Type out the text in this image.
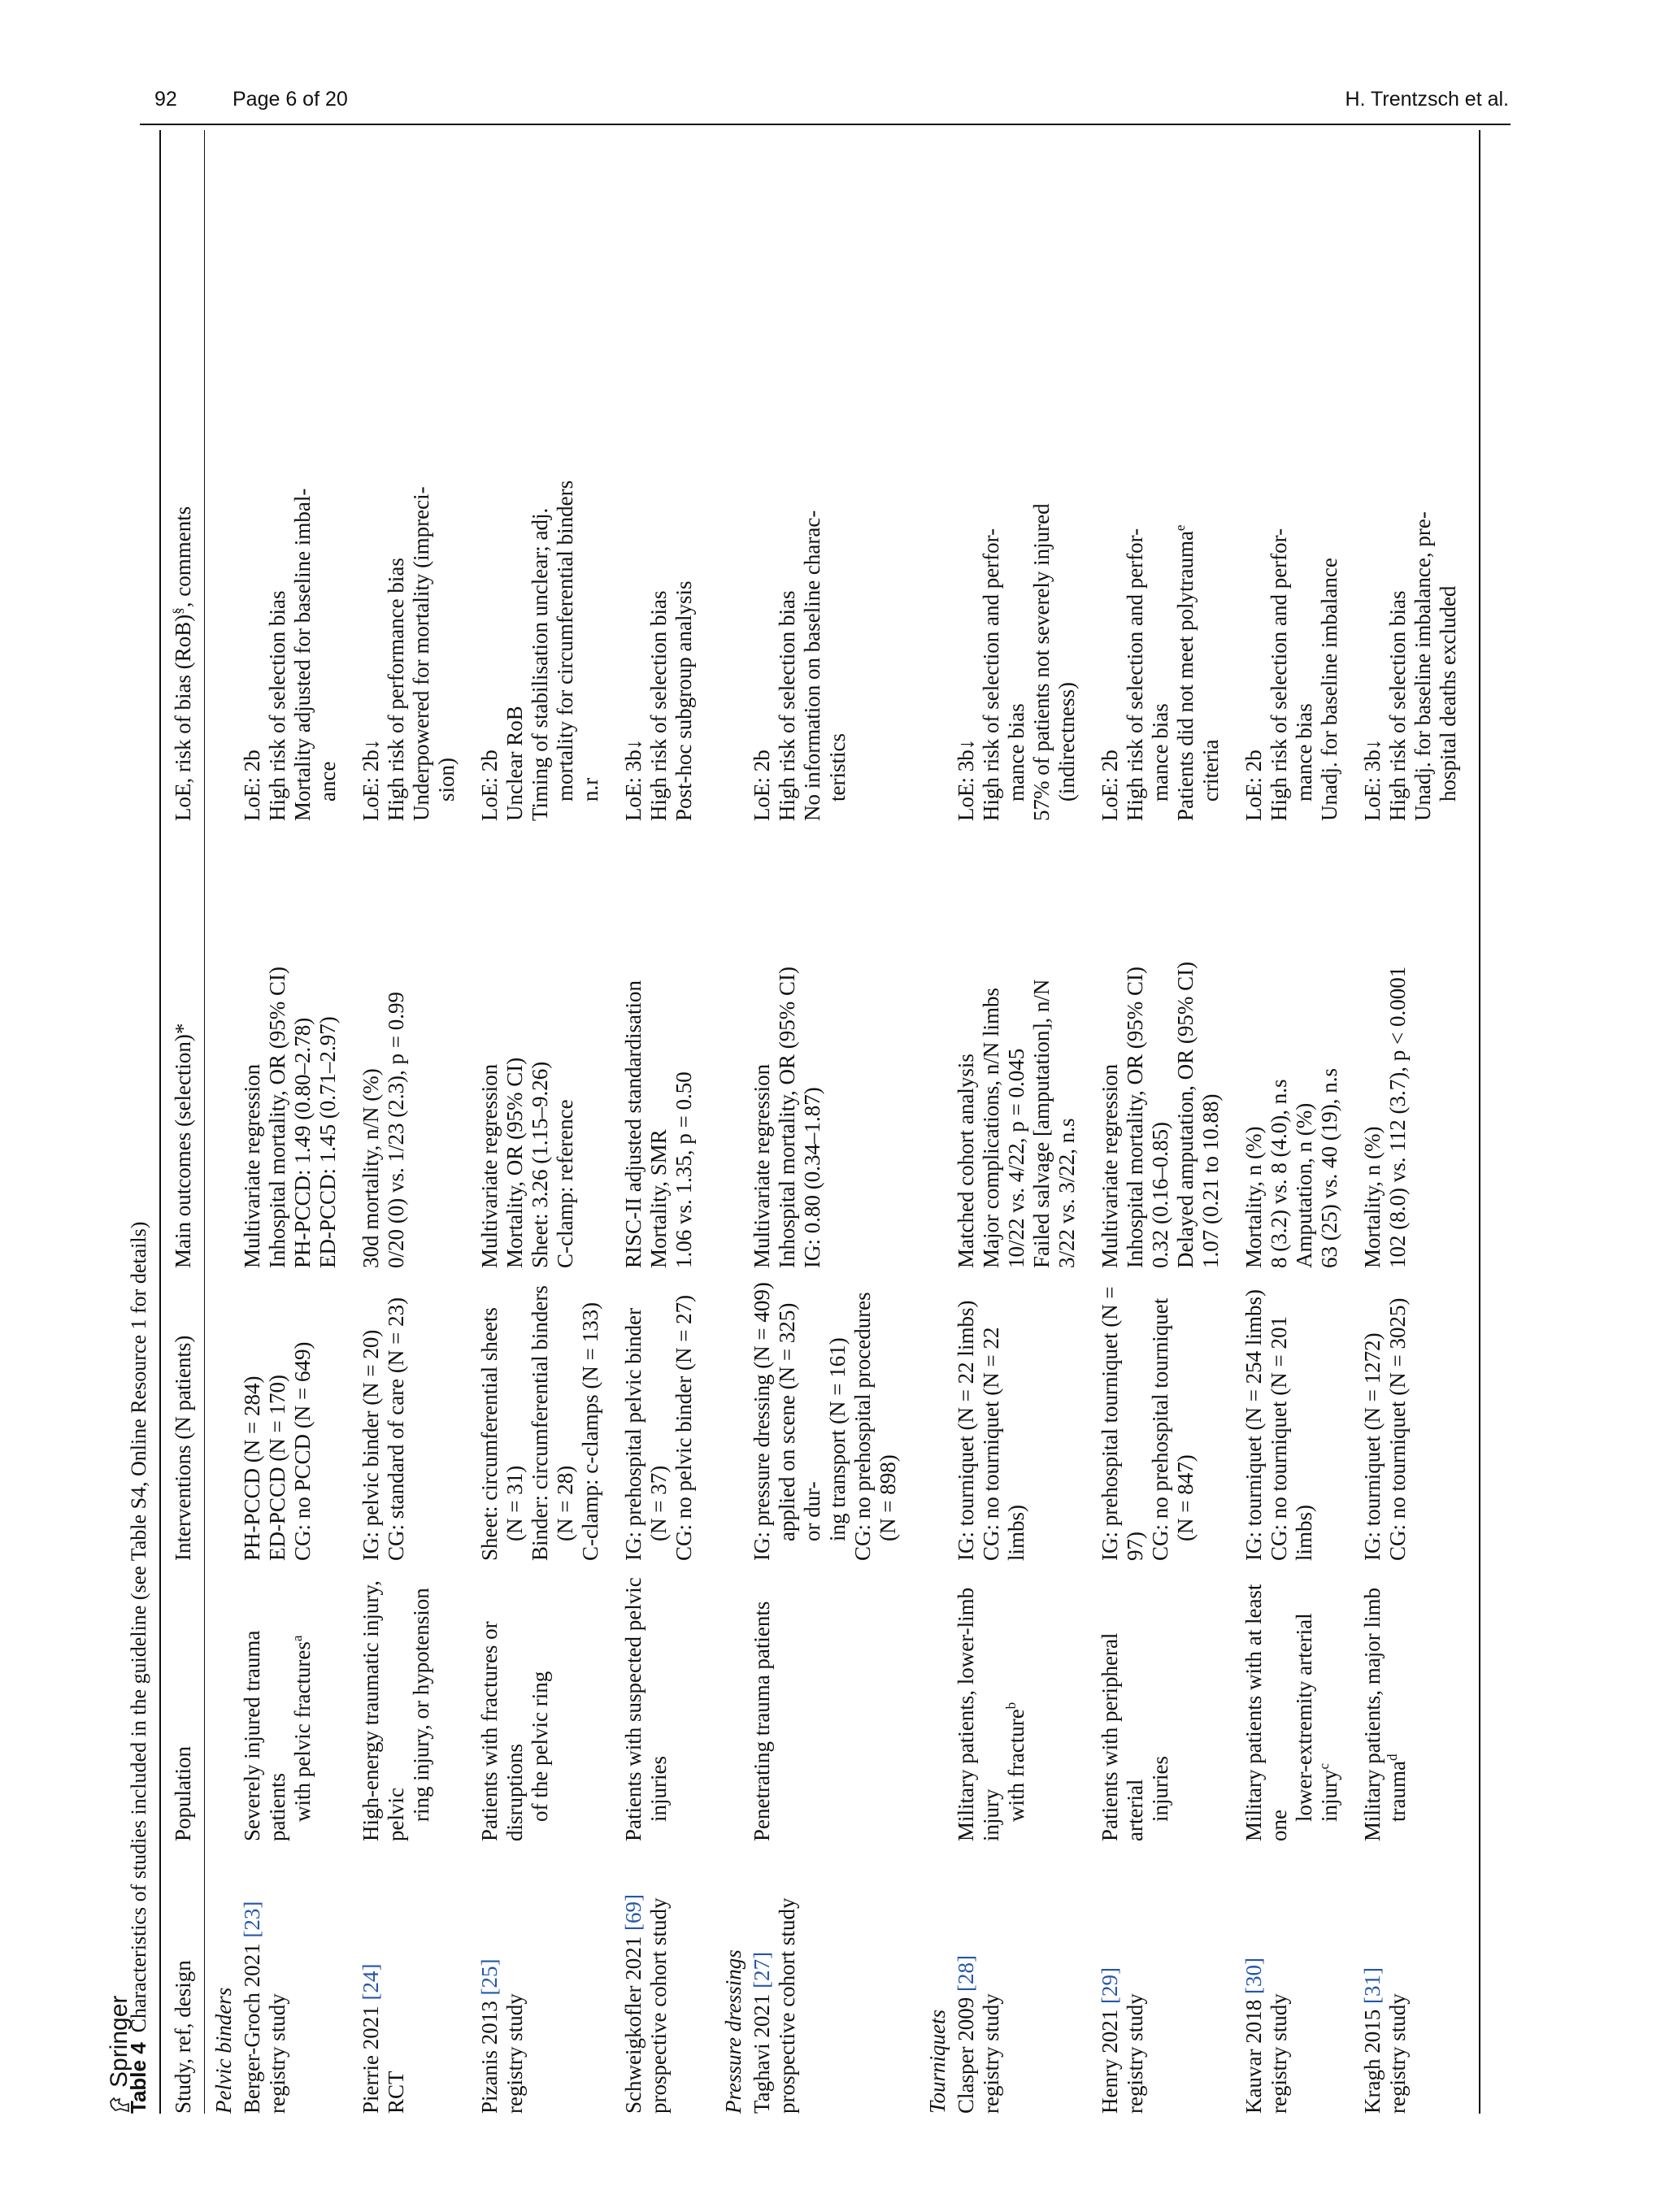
92	Page 6 of 20	H. Trentzsch et al.
Springer
Table 4Characteristics of studies included in the guideline (see Table S4, Online Resource 1 for details)
Study, ref, design	Population	Interventions (N patients)	Main outcomes (selection)*	LoE, risk of bias (RoB)§, comments

Pelvic binders				

Berger-Groch 2021 [23]
registry study	Severely injured trauma patients with pelvic fractures$^a$	PH-PCCD (N = 284) ED-PCCD (N = 170) CG: no PCCD (N = 649)	Multivariate regression Inhospital mortality, OR (95% CI) PH-PCCD: 1.49 (0.80–2.78) ED-PCCD: 1.45 (0.71–2.97)	LoE: 2b High risk of selection bias Mortality adjusted for baseline imbal- ance

Pierrie 2021 [24]
RCT	High-energy traumatic injury, pelvic ring injury, or hypotension	IG: pelvic binder (N = 20) CG: standard of care (N = 23)	30d mortality, n/N (%) 0/20 (0) vs. 1/23 (2.3), p = 0.99	LoE: 2b↓ High risk of performance bias Underpowered for mortality (impreci- sion)

Pizanis 2013 [25]
registry study	Patients with fractures or disruptions of the pelvic ring	Sheet: circumferential sheets (N = 31) Binder: circumferential binders (N = 28) C-clamp: c-clamps (N = 133)	Multivariate regression Mortality, OR (95% CI) Sheet: 3.26 (1.15–9.26) C-clamp: reference	LoE: 2b Unclear RoB Timing of stabilisation unclear; adj. mortality for circumferential binders n.r

Schweigkofler 2021 [69] prospective cohort study	Patients with suspected pelvic injuries	IG: prehospital pelvic binder (N = 37) CG: no pelvic binder (N = 27)	RISC-II adjusted standardisation Mortality, SMR 1.06 vs. 1.35, p = 0.50	LoE: 3b↓ High risk of selection bias Post-hoc subgroup analysis

Pressure dressings				

Taghavi 2021 [27] prospective cohort study	Penetrating trauma patients	IG: pressure dressing (N = 409) applied on scene (N = 325) or dur- ing transport (N = 161) CG: no prehospital procedures (N = 898)	Multivariate regression Inhospital mortality, OR (95% CI) IG: 0.80 (0.34–1.87)	LoE: 2b High risk of selection bias No information on baseline charac- teristics

Tourniquets				

Clasper 2009 [28]
registry study	Military patients, lower-limb injury with fracture$^b$	IG: tourniquet (N = 22 limbs) CG: no tourniquet (N = 22 limbs)	Matched cohort analysis Major complications, n/N limbs 10/22 vs. 4/22, p = 0.045 Failed salvage [amputation], n/N 3/22 vs. 3/22, n.s	LoE: 3b↓ High risk of selection and perfor- mance bias 57% of patients not severely injured (indirectness)

Henry 2021 [29]
registry study	Patients with peripheral arterial injuries	IG: prehospital tourniquet (N = 97) CG: no prehospital tourniquet (N = 847)	Multivariate regression Inhospital mortality, OR (95% CI) 0.32 (0.16–0.85) Delayed amputation, OR (95% CI) 1.07 (0.21 to 10.88)	LoE: 2b High risk of selection and perfor- mance bias Patients did not meet polytrauma$^e$
criteria

Kauvar 2018 [30]
registry study	Military patients with at least one
lower-extremity arterial injury$^c$	IG: tourniquet (N = 254 limbs) CG: no tourniquet (N = 201 limbs)	Mortality, n (%) 8 (3.2) vs. 8 (4.0), n.s Amputation, n (%) 63 (25) vs. 40 (19), n.s	LoE: 2b High risk of selection and perfor- mance bias Unadj. for baseline imbalance

Kragh 2015 [31]
registry study	Military patients, major limb trauma$^d$	IG: tourniquet (N = 1272) CG: no tourniquet (N = 3025)	Mortality, n (%) 102 (8.0) vs. 112 (3.7), p < 0.0001	LoE: 3b↓ High risk of selection bias Unadj. for baseline imbalance, pre- hospital deaths excluded
